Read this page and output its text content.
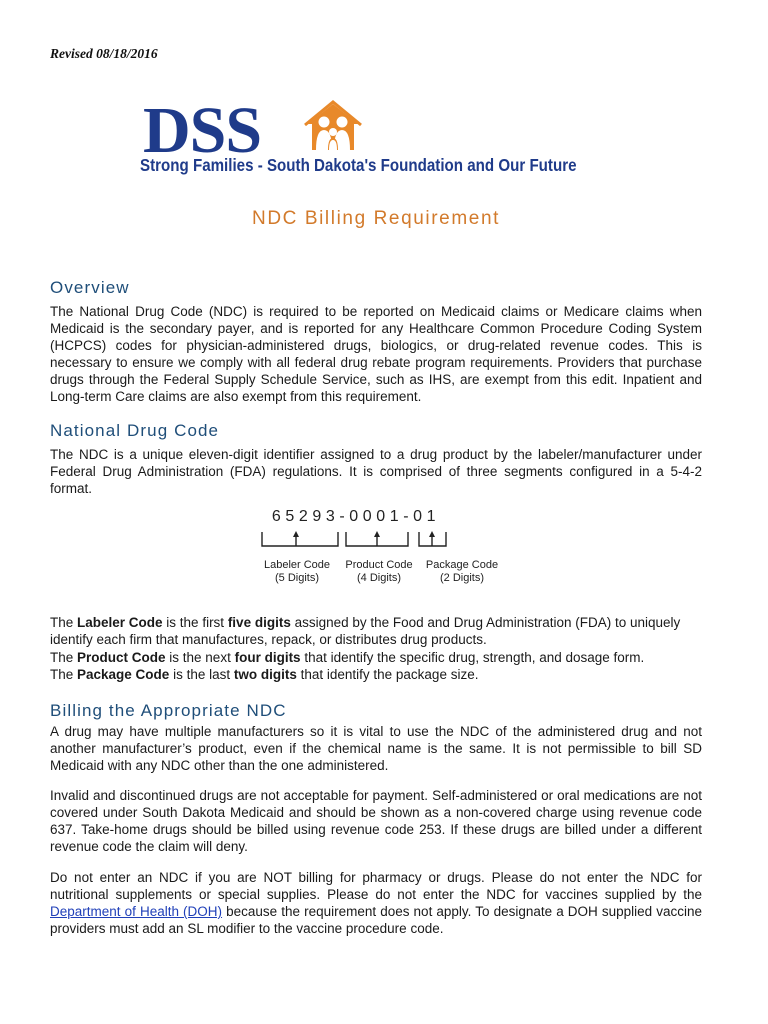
Revised 08/18/2016
DSS
Strong Families - South Dakota's Foundation and Our Future
NDC Billing Requirement
Overview

The National Drug Code (NDC) is required to be reported on Medicaid claims or Medicare claims when Medicaid is the secondary payer, and is reported for any Healthcare Common Procedure Coding System (HCPCS) codes for physician-administered drugs, biologics, or drug-related revenue codes. This is necessary to ensure we comply with all federal drug rebate program requirements. Providers that purchase drugs through the Federal Supply Schedule Service, such as IHS, are exempt from this edit. Inpatient and Long-term Care claims are also exempt from this requirement.

National Drug Code

The NDC is a unique eleven-digit identifier assigned to a drug product by the labeler/manufacturer under Federal Drug Administration (FDA) regulations. It is comprised of three segments configured in a 5-4-2 format.

65293-0001-01
Labeler Code
(5 Digits)
Product Code
(4 Digits)
Package Code
(2 Digits)

The Labeler Code is the first five digits assigned by the Food and Drug Administration (FDA) to uniquely identify each firm that manufactures, repack, or distributes drug products.

The Product Code is the next four digits that identify the specific drug, strength, and dosage form.

The Package Code is the last two digits that identify the package size.

Billing the Appropriate NDC

A drug may have multiple manufacturers so it is vital to use the NDC of the administered drug and not another manufacturer’s product, even if the chemical name is the same. It is not permissible to bill SD Medicaid with any NDC other than the one administered.

Invalid and discontinued drugs are not acceptable for payment. Self-administered or oral medications are not covered under South Dakota Medicaid and should be shown as a non-covered charge using revenue code 637. Take-home drugs should be billed using revenue code 253. If these drugs are billed under a different revenue code the claim will deny.

Do not enter an NDC if you are NOT billing for pharmacy or drugs. Please do not enter the NDC for nutritional supplements or special supplies. Please do not enter the NDC for vaccines supplied by the Department of Health (DOH) because the requirement does not apply. To designate a DOH supplied vaccine providers must add an SL modifier to the vaccine procedure code.
